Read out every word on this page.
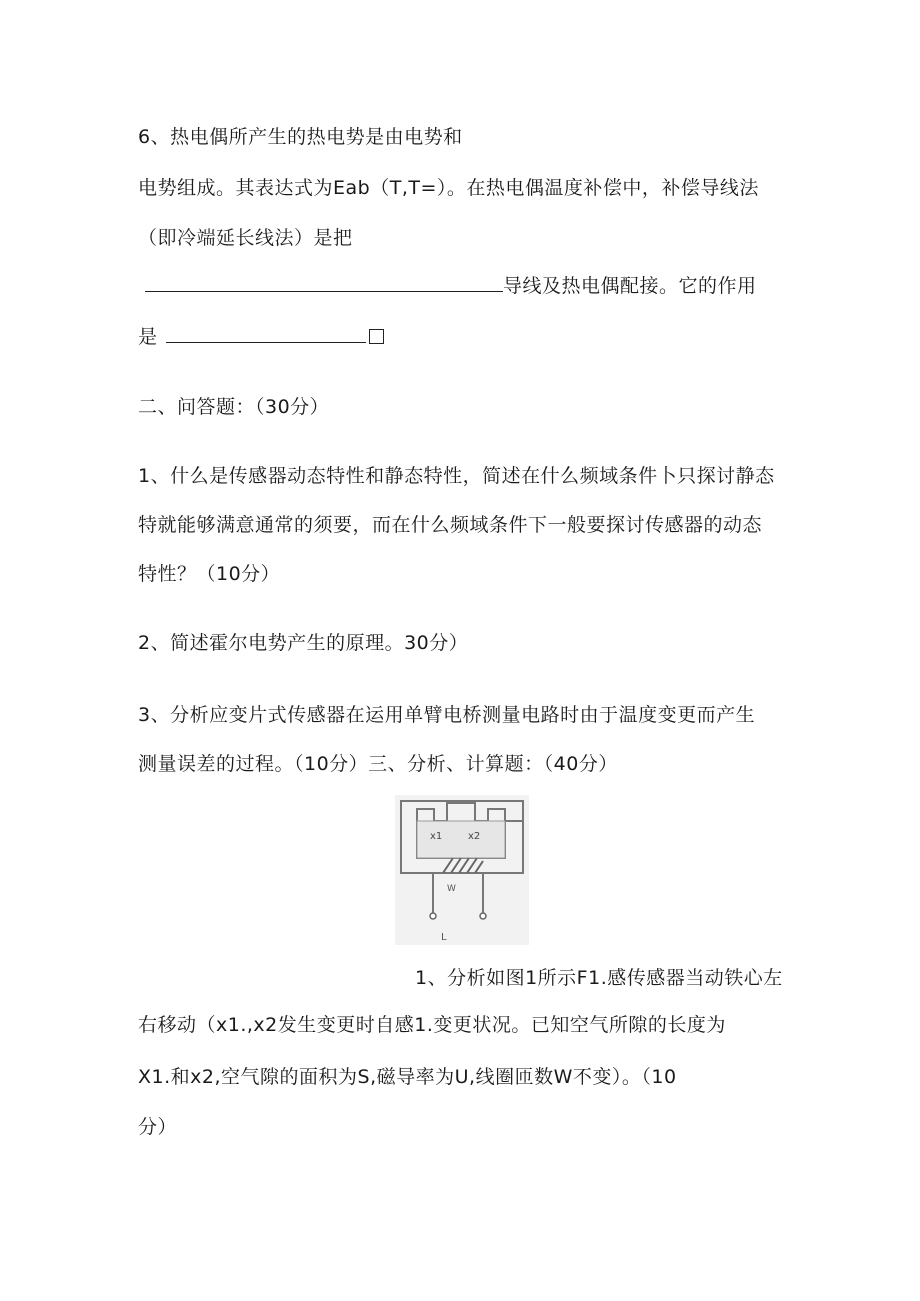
6、热电偶所产生的热电势是由电势和
电势组成。其表达式为Eab（T,T=）。在热电偶温度补偿中，补偿导线法
（即冷端延长线法）是把
导线及热电偶配接。它的作用
是
二、问答题：（30分）
1、什么是传感器动态特性和静态特性，简述在什么频域条件卜只探讨静态
特就能够满意通常的须要，而在什么频域条件下一般要探讨传感器的动态
特性？（10分）
2、简述霍尔电势产生的原理。30分）
3、分析应变片式传感器在运用单臂电桥测量电路时由于温度变更而产生
测量误差的过程。（10分）三、分析、计算题：（40分）
x1	x2
W
L
1、分析如图1所示F1.感传感器当动铁心左
右移动（x1.,x2发生变更时自感1.变更状况。已知空气所隙的长度为
X1.和x2,空气隙的面积为S,磁导率为U,线圈匝数W不变）。（10
分）
